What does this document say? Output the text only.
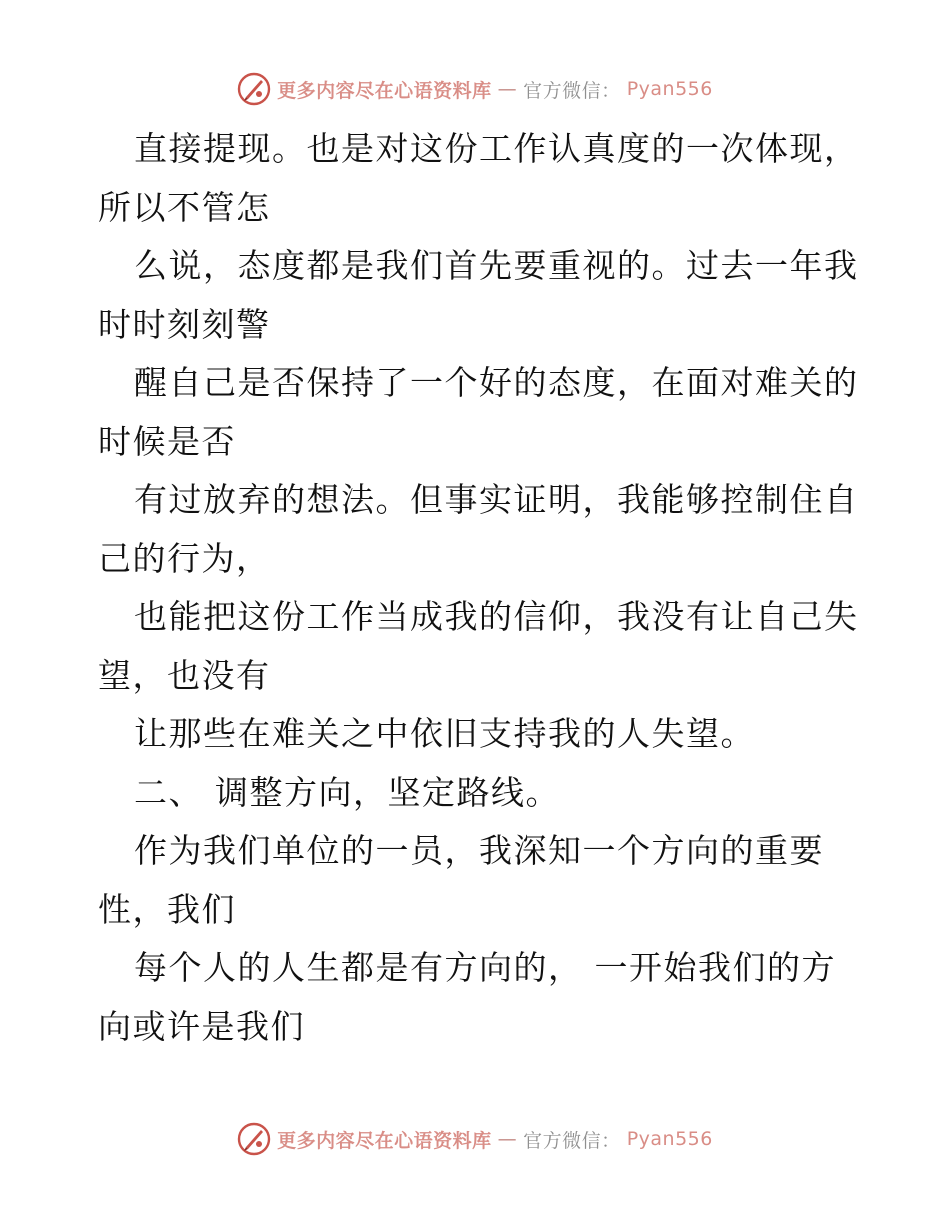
更多内容尽在心语资料库 — 官方微信： Pyan556
直接提现。也是对这份工作认真度的一次体现，
所以不管怎
么说，态度都是我们首先要重视的。过去一年我
时时刻刻警
醒自己是否保持了一个好的态度，在面对难关的
时候是否
有过放弃的想法。但事实证明，我能够控制住自
己的行为，
也能把这份工作当成我的信仰，我没有让自己失
望，也没有
让那些在难关之中依旧支持我的人失望。
二、 调整方向，坚定路线。
作为我们单位的一员，我深知一个方向的重要
性，我们
每个人的人生都是有方向的， 一开始我们的方
向或许是我们
更多内容尽在心语资料库 — 官方微信： Pyan556
